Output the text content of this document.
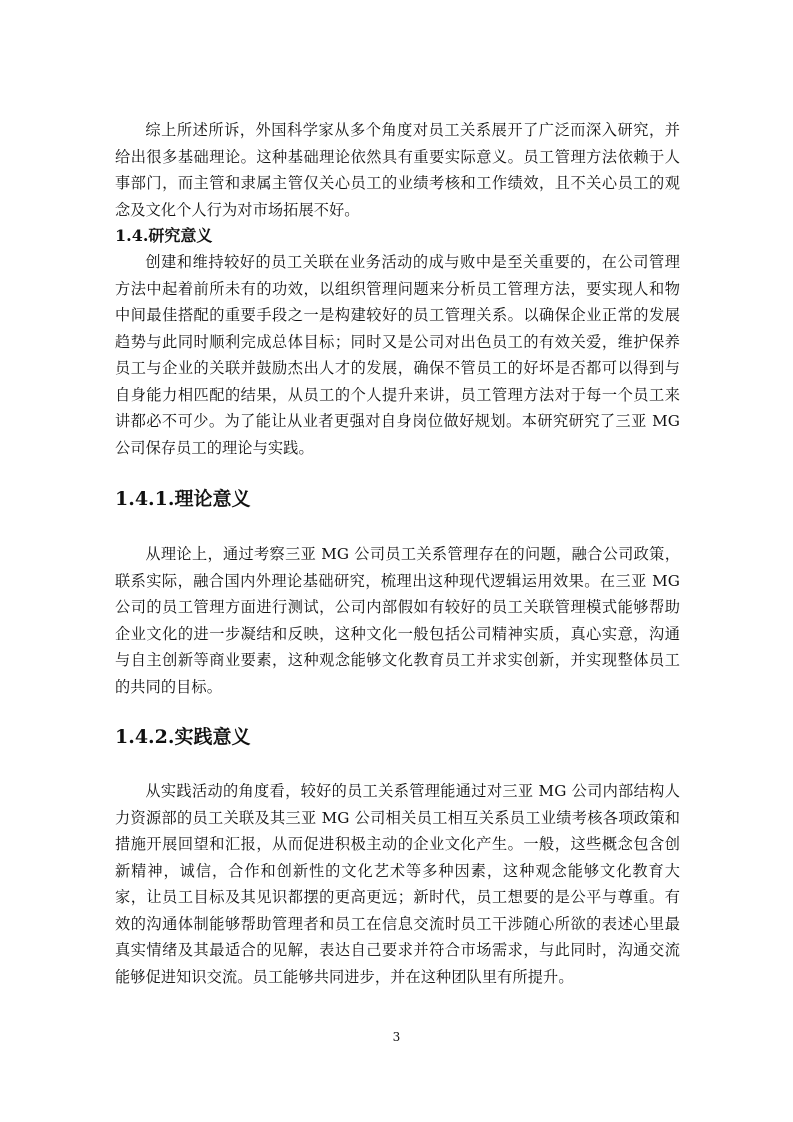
综上所述所诉，外国科学家从多个角度对员工关系展开了广泛而深入研究，并给出很多基础理论。这种基础理论依然具有重要实际意义。员工管理方法依赖于人事部门，而主管和隶属主管仅关心员工的业绩考核和工作绩效，且不关心员工的观念及文化个人行为对市场拓展不好。

1.4.研究意义

创建和维持较好的员工关联在业务活动的成与败中是至关重要的，在公司管理方法中起着前所未有的功效，以组织管理问题来分析员工管理方法，要实现人和物中间最佳搭配的重要手段之一是构建较好的员工管理关系。以确保企业正常的发展趋势与此同时顺利完成总体目标；同时又是公司对出色员工的有效关爱，维护保养员工与企业的关联并鼓励杰出人才的发展，确保不管员工的好坏是否都可以得到与自身能力相匹配的结果，从员工的个人提升来讲，员工管理方法对于每一个员工来讲都必不可少。为了能让从业者更强对自身岗位做好规划。本研究研究了三亚 MG 公司保存员工的理论与实践。

1.4.1.理论意义

从理论上，通过考察三亚 MG 公司员工关系管理存在的问题，融合公司政策，联系实际，融合国内外理论基础研究，梳理出这种现代逻辑运用效果。在三亚 MG 公司的员工管理方面进行测试，公司内部假如有较好的员工关联管理模式能够帮助企业文化的进一步凝结和反映，这种文化一般包括公司精神实质，真心实意，沟通与自主创新等商业要素，这种观念能够文化教育员工并求实创新，并实现整体员工的共同的目标。

1.4.2.实践意义

从实践活动的角度看，较好的员工关系管理能通过对三亚 MG 公司内部结构人力资源部的员工关联及其三亚 MG 公司相关员工相互关系员工业绩考核各项政策和措施开展回望和汇报，从而促进积极主动的企业文化产生。一般，这些概念包含创新精神，诚信，合作和创新性的文化艺术等多种因素，这种观念能够文化教育大家，让员工目标及其见识都摆的更高更远；新时代，员工想要的是公平与尊重。有效的沟通体制能够帮助管理者和员工在信息交流时员工干涉随心所欲的表述心里最真实情绪及其最适合的见解，表达自己要求并符合市场需求，与此同时，沟通交流能够促进知识交流。员工能够共同进步，并在这种团队里有所提升。

3
